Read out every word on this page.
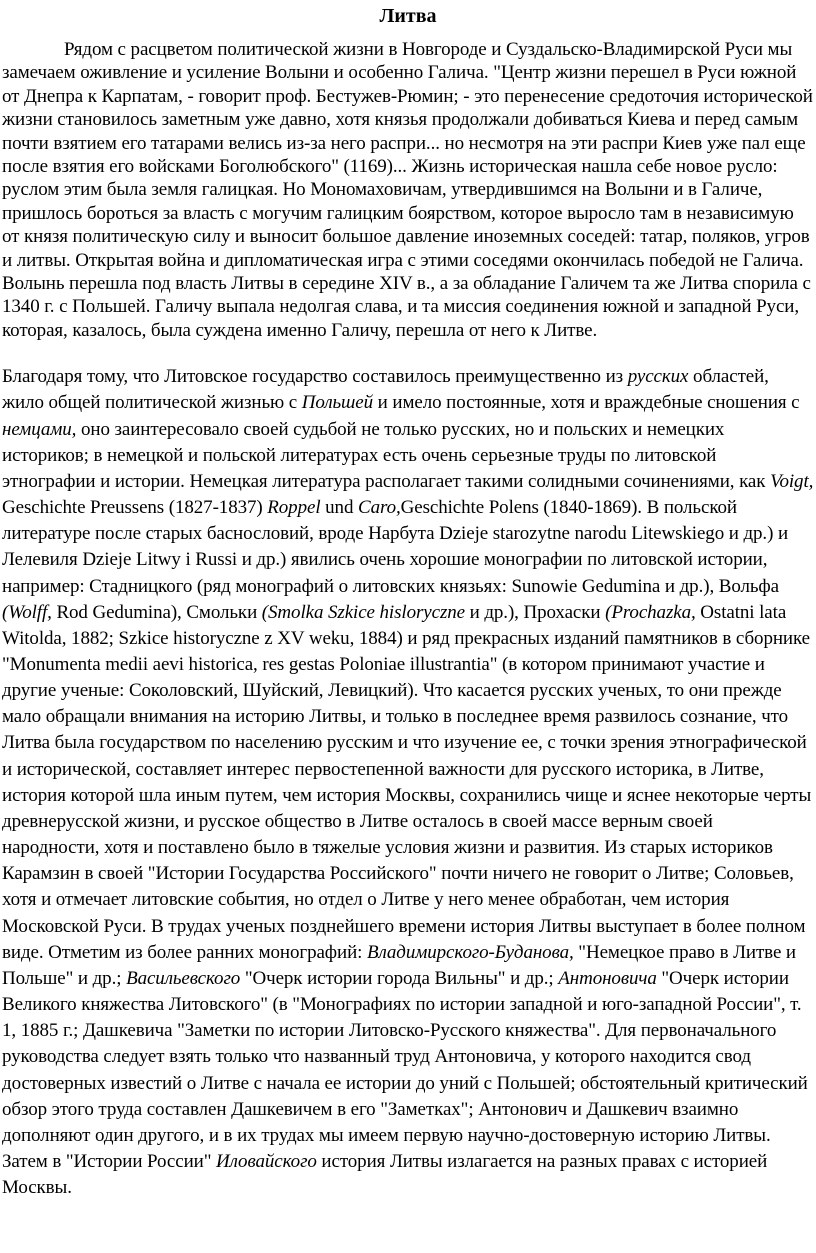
Литва

Рядом с расцветом политической жизни в Новгороде и Суздальско-Владимирской Руси мы замечаем оживление и усиление Волыни и особенно Галича. "Центр жизни перешел в Руси южной от Днепра к Карпатам, - говорит проф. Бестужев-Рюмин; - это перенесение средоточия исторической жизни становилось заметным уже давно, хотя князья продолжали добиваться Киева и перед самым почти взятием его татарами велись из-за него распри... но несмотря на эти распри Киев уже пал еще после взятия его войсками Боголюбского" (1169)... Жизнь историческая нашла себе новое русло: руслом этим была земля галицкая. Но Мономаховичам, утвердившимся на Волыни и в Галиче, пришлось бороться за власть с могучим галицким боярством, которое выросло там в независимую от князя политическую силу и выносит большое давление иноземных соседей: татар, поляков, угров и литвы. Открытая война и дипломатическая игра с этими соседями окончилась победой не Галича. Волынь перешла под власть Литвы в середине XIV в., а за обладание Галичем та же Литва спорила с 1340 г. с Польшей. Галичу выпала недолгая слава, и та миссия соединения южной и западной Руси, которая, казалось, была суждена именно Галичу, перешла от него к Литве.

Благодаря тому, что Литовское государство составилось преимущественно из русских областей, жило общей политической жизнью с Польшей и имело постоянные, хотя и враждебные сношения с немцами, оно заинтересовало своей судьбой не только русских, но и польских и немецких историков; в немецкой и польской литературах есть очень серьезные труды по литовской этнографии и истории. Немецкая литература располагает такими солидными сочинениями, как Voigt, Geschichte Preussens (1827-1837) Roppel und Caro,Geschichte Polens (1840-1869). В польской литературе после старых баснословий, вроде Нарбута Dzieje starozytne narodu Litewskiego и др.) и Лелевиля Dzieje Litwy i Russi и др.) явились очень хорошие монографии по литовской истории, например: Стадницкого (ряд монографий о литовских князьях: Sunowie Gedumina и др.), Вольфа (Wolff, Rod Gedumina), Смольки (Smolka Szkice hisloryczne и др.), Прохаски (Prochazka, Ostatni lata Witolda, 1882; Szkice historyczne z XV weku, 1884) и ряд прекрасных изданий памятников в сборнике "Monumenta medii aevi historica, res gestas Poloniae illustrantia" (в котором принимают участие и другие ученые: Соколовский, Шуйский, Левицкий). Что касается русских ученых, то они прежде мало обращали внимания на историю Литвы, и только в последнее время развилось сознание, что Литва была государством по населению русским и что изучение ее, с точки зрения этнографической и исторической, составляет интерес первостепенной важности для русского историка, в Литве, история которой шла иным путем, чем история Москвы, сохранились чище и яснее некоторые черты древнерусской жизни, и русское общество в Литве осталось в своей массе верным своей народности, хотя и поставлено было в тяжелые условия жизни и развития. Из старых историков Карамзин в своей "Истории Государства Российского" почти ничего не говорит о Литве; Соловьев, хотя и отмечает литовские события, но отдел о Литве у него менее обработан, чем история Московской Руси. В трудах ученых позднейшего времени история Литвы выступает в более полном виде. Отметим из более ранних монографий: Владимирского-Буданова, "Немецкое право в Литве и Польше" и др.; Васильевского "Очерк истории города Вильны" и др.; Антоновича "Очерк истории Великого княжества Литовского" (в "Монографиях по истории западной и юго-западной России", т. 1, 1885 г.; Дашкевича "Заметки по истории Литовско-Русского княжества". Для первоначального руководства следует взять только что названный труд Антоновича, у которого находится свод достоверных известий о Литве с начала ее истории до уний с Польшей; обстоятельный критический обзор этого труда составлен Дашкевичем в его "Заметках"; Антонович и Дашкевич взаимно дополняют один другого, и в их трудах мы имеем первую научно-достоверную историю Литвы. Затем в "Истории России" Иловайского история Литвы излагается на разных правах с историей Москвы.
